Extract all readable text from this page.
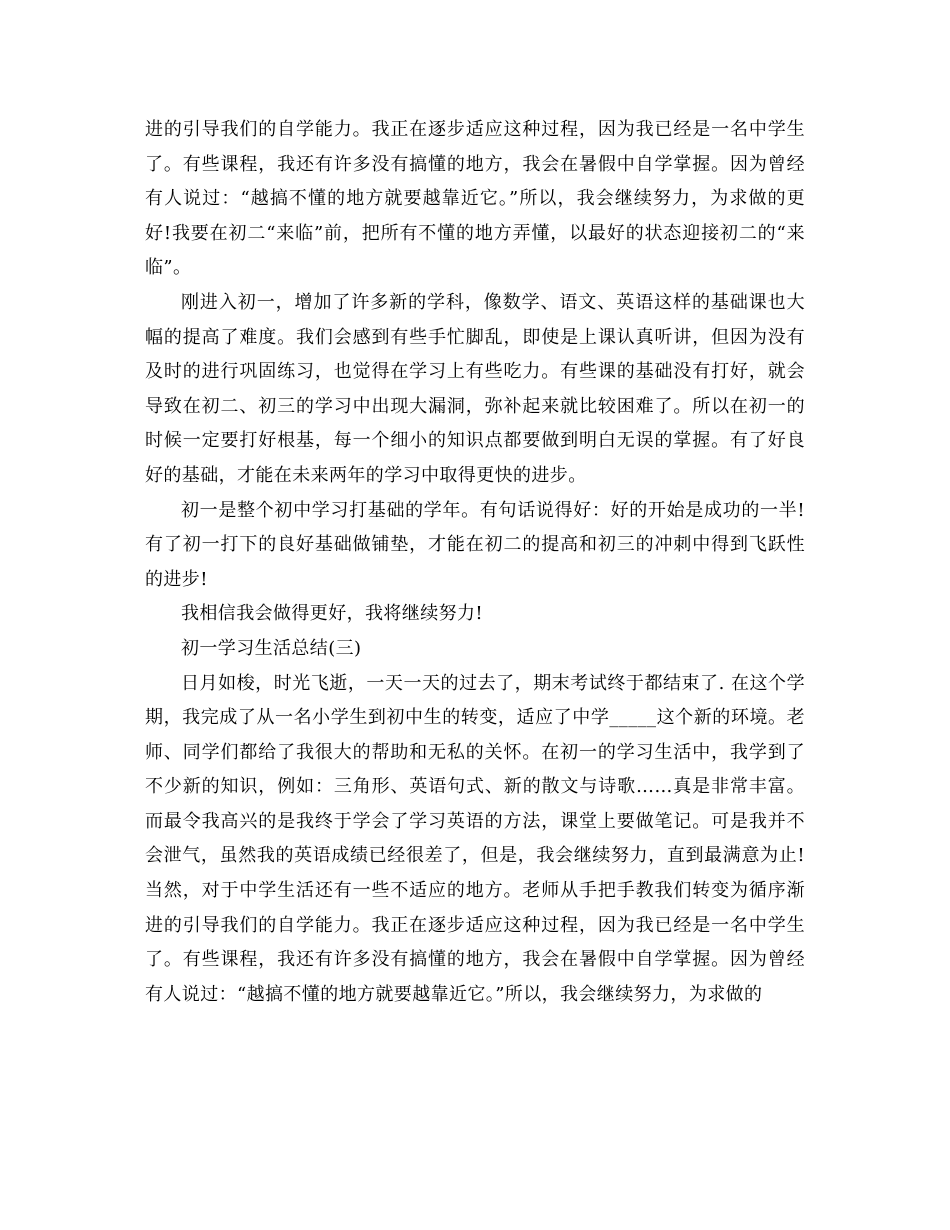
进的引导我们的自学能力。我正在逐步适应这种过程，因为我已经是一名中学生了。有些课程，我还有许多没有搞懂的地方，我会在暑假中自学掌握。因为曾经有人说过：“越搞不懂的地方就要越靠近它。”所以，我会继续努力，为求做的更好!我要在初二“来临”前，把所有不懂的地方弄懂，以最好的状态迎接初二的“来临”。

刚进入初一，增加了许多新的学科，像数学、语文、英语这样的基础课也大幅的提高了难度。我们会感到有些手忙脚乱，即使是上课认真听讲，但因为没有及时的进行巩固练习，也觉得在学习上有些吃力。有些课的基础没有打好，就会导致在初二、初三的学习中出现大漏洞，弥补起来就比较困难了。所以在初一的时候一定要打好根基，每一个细小的知识点都要做到明白无误的掌握。有了好良好的基础，才能在未来两年的学习中取得更快的进步。

初一是整个初中学习打基础的学年。有句话说得好：好的开始是成功的一半!有了初一打下的良好基础做铺垫，才能在初二的提高和初三的冲刺中得到飞跃性的进步!

我相信我会做得更好，我将继续努力!

初一学习生活总结(三)

日月如梭，时光飞逝，一天一天的过去了，期末考试终于都结束了. 在这个学期，我完成了从一名小学生到初中生的转变，适应了中学_____这个新的环境。老师、同学们都给了我很大的帮助和无私的关怀。在初一的学习生活中，我学到了不少新的知识，例如：三角形、英语句式、新的散文与诗歌……真是非常丰富。而最令我高兴的是我终于学会了学习英语的方法，课堂上要做笔记。可是我并不会泄气，虽然我的英语成绩已经很差了，但是，我会继续努力，直到最满意为止!当然，对于中学生活还有一些不适应的地方。老师从手把手教我们转变为循序渐进的引导我们的自学能力。我正在逐步适应这种过程，因为我已经是一名中学生了。有些课程，我还有许多没有搞懂的地方，我会在暑假中自学掌握。因为曾经有人说过：“越搞不懂的地方就要越靠近它。”所以，我会继续努力，为求做的
